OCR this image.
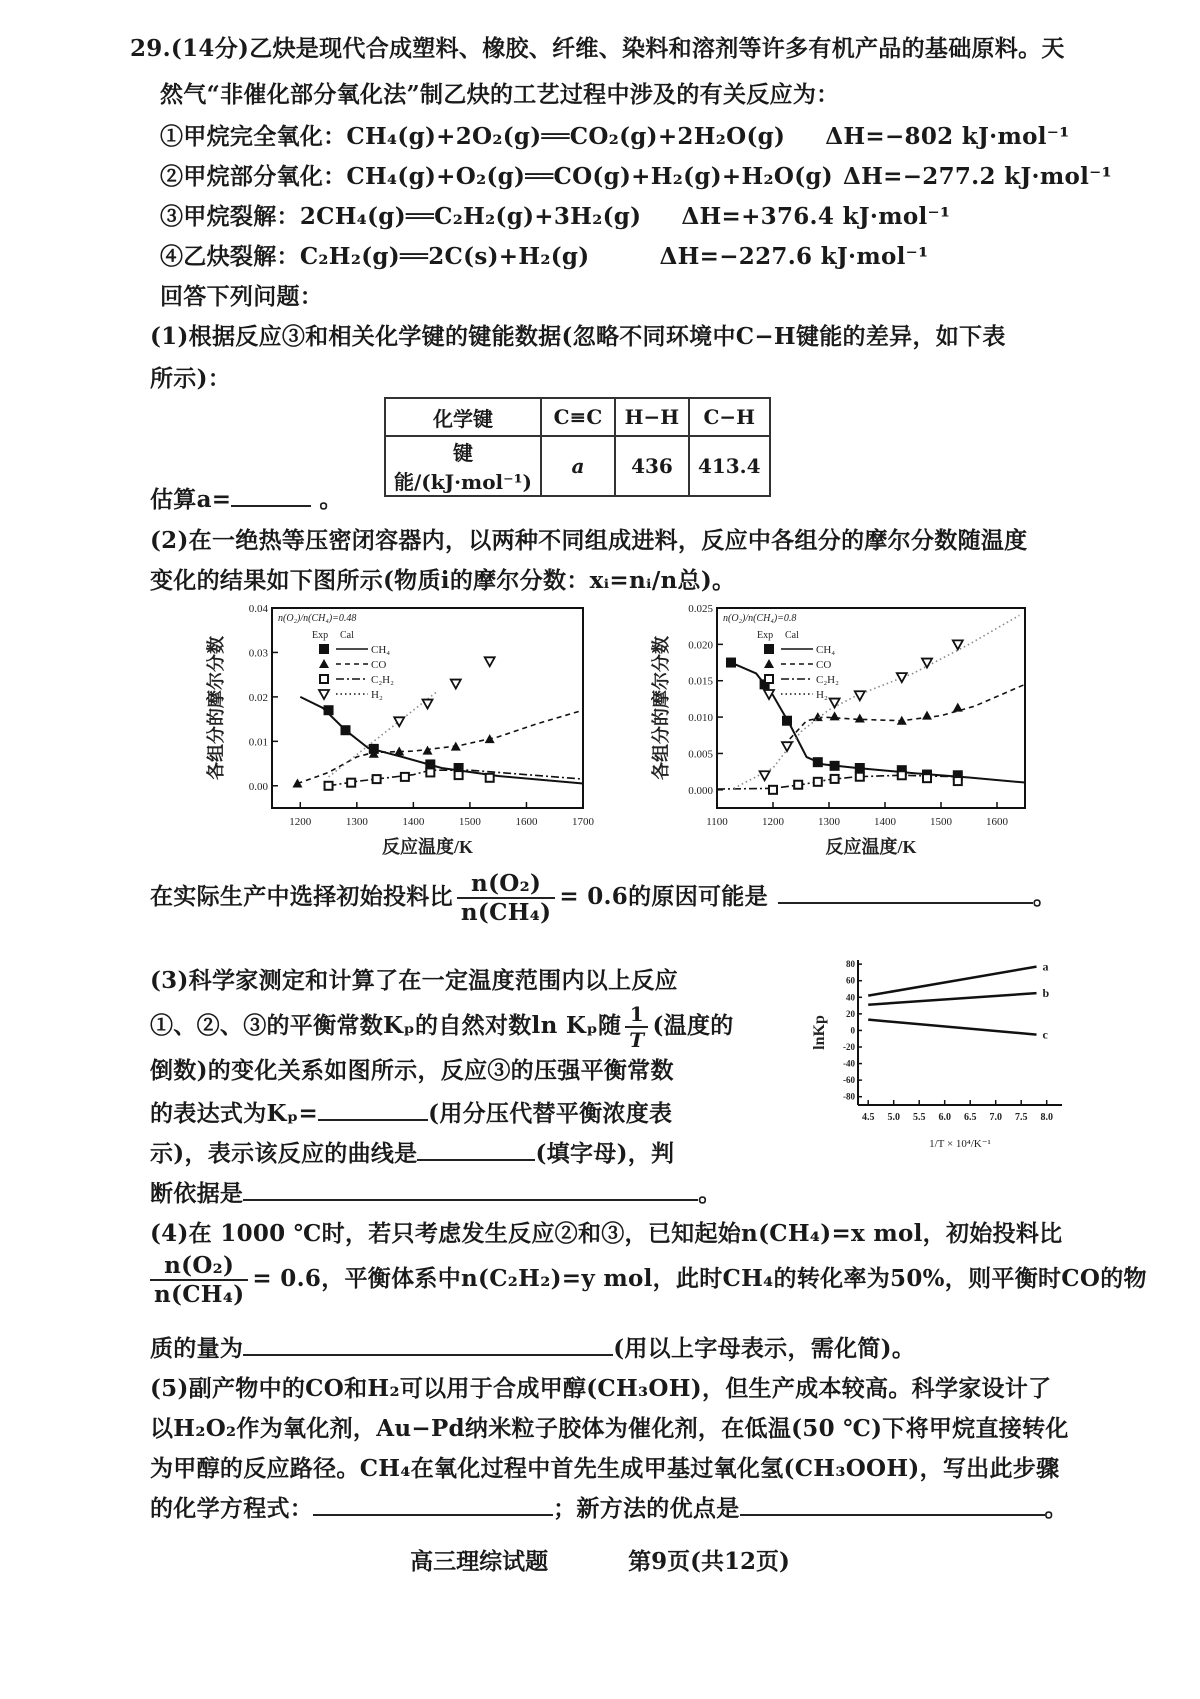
29.(14分)乙炔是现代合成塑料、橡胶、纤维、染料和溶剂等许多有机产品的基础原料。天
然气“非催化部分氧化法”制乙炔的工艺过程中涉及的有关反应为：
①甲烷完全氧化：CH₄(g)+2O₂(g)══CO₂(g)+2H₂O(g) ΔH=−802 kJ·mol⁻¹
②甲烷部分氧化：CH₄(g)+O₂(g)══CO(g)+H₂(g)+H₂O(g) ΔH=−277.2 kJ·mol⁻¹
③甲烷裂解：2CH₄(g)══C₂H₂(g)+3H₂(g) ΔH=+376.4 kJ·mol⁻¹
④乙炔裂解：C₂H₂(g)══2C(s)+H₂(g)	ΔH=−227.6 kJ·mol⁻¹
回答下列问题：
(1)根据反应③和相关化学键的键能数据(忽略不同环境中C−H键能的差异，如下表
所示)：
化学键	C≡C	H−H	C−H
键能/(kJ·mol⁻¹)	a	436	413.4
估算a=	。
(2)在一绝热等压密闭容器内，以两种不同组成进料，反应中各组分的摩尔分数随温度
变化的结果如下图所示(物质i的摩尔分数：xᵢ=nᵢ/n总)。
1200	1300	1400	1500	1600	1700
0.00
0.01
0.02
0.03
0.04
反应温度/K
各组分的摩尔分数
n(O₂)/n(CH₄)=0.48
Exp Cal
CH₄
CO
C₂H₂
H₂
1100	1200	1300	1400	1500	1600
0.000
0.005
0.010
0.015
0.020
0.025
反应温度/K
各组分的摩尔分数
n(O₂)/n(CH₄)=0.8
Exp Cal
CH₄
CO
C₂H₂
H₂
在实际生产中选择初始投料比 $\frac{\text{n(O₂)}}{\text{n(CH₄)}} = 0.6$的原因可能是	。
(3)科学家测定和计算了在一定温度范围内以上反应
①、②、③的平衡常数Kₚ的自然对数ln Kₚ随 $\frac{1}{T}$ (温度的
倒数)的变化关系如图所示，反应③的压强平衡常数
的表达式为Kₚ=	(用分压代替平衡浓度表
示)，表示该反应的曲线是	(填字母)，判
断依据是	。
80
60
40
20
0
-20
-40
-60
-80
4.5 5.0 5.5 6.0 6.5 7.0 7.5 8.0
lnKp
1/T × 10⁴/K⁻¹
a
b
c
(4)在 1000 ℃时，若只考虑发生反应②和③，已知起始n(CH₄)=x mol，初始投料比
$\frac{\text{n(O₂)}}{\text{n(CH₄)}} = 0.6$，平衡体系中n(C₂H₂)=y mol，此时CH₄的转化率为50%，则平衡时CO的物
质的量为	(用以上字母表示，需化简)。
(5)副产物中的CO和H₂可以用于合成甲醇(CH₃OH)，但生产成本较高。科学家设计了
以H₂O₂作为氧化剂，Au−Pd纳米粒子胶体为催化剂，在低温(50 ℃)下将甲烷直接转化
为甲醇的反应路径。CH₄在氧化过程中首先生成甲基过氧化氢(CH₃OOH)，写出此步骤
的化学方程式：	；新方法的优点是	。
高三理综试题	第9页(共12页)
